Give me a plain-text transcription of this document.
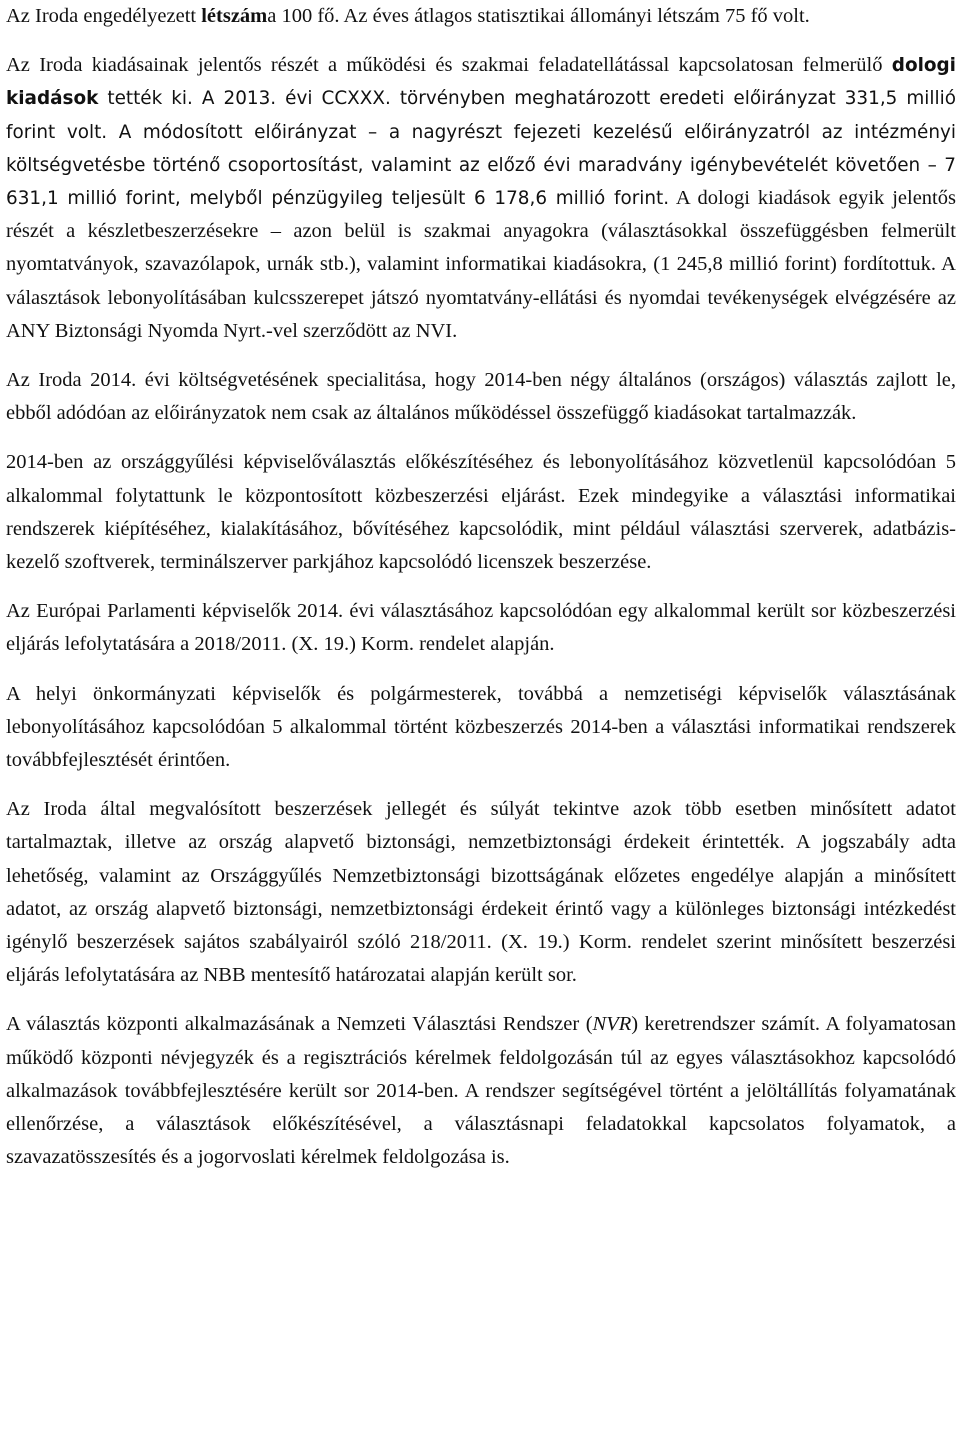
Az Iroda engedélyezett létszáma 100 fő. Az éves átlagos statisztikai állományi létszám 75 fő volt.

Az Iroda kiadásainak jelentős részét a működési és szakmai feladatellátással kapcsolatosan felmerülő dologi kiadások tették ki. A 2013. évi CCXXX. törvényben meghatározott eredeti előirányzat 331,5 millió forint volt. A módosított előirányzat – a nagyrészt fejezeti kezelésű előirányzatról az intézményi költségvetésbe történő csoportosítást, valamint az előző évi maradvány igénybevételét követően – 7 631,1 millió forint, melyből pénzügyileg teljesült 6 178,6 millió forint. A dologi kiadások egyik jelentős részét a készletbeszerzésekre – azon belül is szakmai anyagokra (választásokkal összefüggésben felmerült nyomtatványok, szavazólapok, urnák stb.), valamint informatikai kiadásokra, (1 245,8 millió forint) fordítottuk. A választások lebonyolításában kulcsszerepet játszó nyomtatvány-ellátási és nyomdai tevékenységek elvégzésére az ANY Biztonsági Nyomda Nyrt.-vel szerződött az NVI.

Az Iroda 2014. évi költségvetésének specialitása, hogy 2014-ben négy általános (országos) választás zajlott le, ebből adódóan az előirányzatok nem csak az általános működéssel összefüggő kiadásokat tartalmazzák.

2014-ben az országgyűlési képviselőválasztás előkészítéséhez és lebonyolításához közvetlenül kapcsolódóan 5 alkalommal folytattunk le központosított közbeszerzési eljárást. Ezek mindegyike a választási informatikai rendszerek kiépítéséhez, kialakításához, bővítéséhez kapcsolódik, mint például választási szerverek, adatbázis-kezelő szoftverek, terminálszerver parkjához kapcsolódó licenszek beszerzése.

Az Európai Parlamenti képviselők 2014. évi választásához kapcsolódóan egy alkalommal került sor közbeszerzési eljárás lefolytatására a 2018/2011. (X. 19.) Korm. rendelet alapján.

A helyi önkormányzati képviselők és polgármesterek, továbbá a nemzetiségi képviselők választásának lebonyolításához kapcsolódóan 5 alkalommal történt közbeszerzés 2014-ben a választási informatikai rendszerek továbbfejlesztését érintően.

Az Iroda által megvalósított beszerzések jellegét és súlyát tekintve azok több esetben minősített adatot tartalmaztak, illetve az ország alapvető biztonsági, nemzetbiztonsági érdekeit érintették. A jogszabály adta lehetőség, valamint az Országgyűlés Nemzetbiztonsági bizottságának előzetes engedélye alapján a minősített adatot, az ország alapvető biztonsági, nemzetbiztonsági érdekeit érintő vagy a különleges biztonsági intézkedést igénylő beszerzések sajátos szabályairól szóló 218/2011. (X. 19.) Korm. rendelet szerint minősített beszerzési eljárás lefolytatására az NBB mentesítő határozatai alapján került sor.

A választás központi alkalmazásának a Nemzeti Választási Rendszer (NVR) keretrendszer számít. A folyamatosan működő központi névjegyzék és a regisztrációs kérelmek feldolgozásán túl az egyes választásokhoz kapcsolódó alkalmazások továbbfejlesztésére került sor 2014-ben. A rendszer segítségével történt a jelöltállítás folyamatának ellenőrzése, a választások előkészítésével, a választásnapi feladatokkal kapcsolatos folyamatok, a szavazatösszesítés és a jogorvoslati kérelmek feldolgozása is.
